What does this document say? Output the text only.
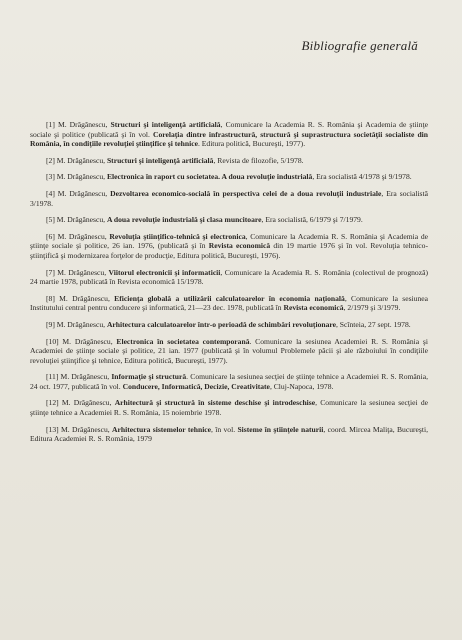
Bibliografie generală

[1] M. Drăgănescu, Structuri şi inteligenţă artificială, Comunicare la Academia R. S. România şi Academia de ştiinţe sociale şi politice (publicată şi în vol. Corelaţia dintre infrastructură, structură şi suprastructura societăţii socialiste din România, în condiţiile revoluţiei ştiinţifice şi tehnice. Editura politică, Bucureşti, 1977).

[2] M. Drăgănescu, Structuri şi inteligenţă artificială, Revista de filozofie, 5/1978.

[3] M. Drăgănescu, Electronica în raport cu societatea. A doua revoluţie industrială, Era socialistă 4/1978 şi 9/1978.

[4] M. Drăgănescu, Dezvoltarea economico-socială în perspectiva celei de a doua revoluţii industriale, Era socialistă 3/1978.

[5] M. Drăgănescu, A doua revoluţie industrială şi clasa muncitoare, Era socialistă, 6/1979 şi 7/1979.

[6] M. Drăgănescu, Revoluţia ştiinţifico-tehnică şi electronica, Comunicare la Academia R. S. România şi Academia de ştiinţe sociale şi politice, 26 ian. 1976, (publicată şi în Revista economică din 19 martie 1976 şi în vol. Revoluţia tehnico-ştiinţifică şi modernizarea forţelor de producţie, Editura politică, Bucureşti, 1976).

[7] M. Drăgănescu, Viitorul electronicii şi informaticii, Comunicare la Academia R. S. România (colectivul de prognoză) 24 martie 1978, publicată în Revista economică 15/1978.

[8] M. Drăgănescu, Eficienţa globală a utilizării calculatoarelor în economia naţională, Comunicare la sesiunea Institutului central pentru conducere şi informatică, 21—23 dec. 1978, publicată în Revista economică, 2/1979 şi 3/1979.

[9] M. Drăgănescu, Arhitectura calculatoarelor într-o perioadă de schimbări revoluţionare, Scînteia, 27 sept. 1978.

[10] M. Drăgănescu, Electronica în societatea contemporană. Comunicare la sesiunea Academiei R. S. România şi Academiei de ştiinţe sociale şi politice, 21 ian. 1977 (publicată şi în volumul Problemele păcii şi ale războiului în condiţiile revoluţiei ştiinţifice şi tehnice, Editura politică, Bucureşti, 1977).

[11] M. Drăgănescu, Informaţie şi structură. Comunicare la sesiunea secţiei de ştiinţe tehnice a Academiei R. S. România, 24 oct. 1977, publicată în vol. Conducere, Informatică, Decizie, Creativitate, Cluj-Napoca, 1978.

[12] M. Drăgănescu, Arhitectură şi structură în sisteme deschise şi introdeschise, Comunicare la sesiunea secţiei de ştiinţe tehnice a Academiei R. S. România, 15 noiembrie 1978.

[13] M. Drăgănescu, Arhitectura sistemelor tehnice, în vol. Sisteme în ştiinţele naturii, coord. Mircea Maliţa, Bucureşti, Editura Academiei R. S. România, 1979
